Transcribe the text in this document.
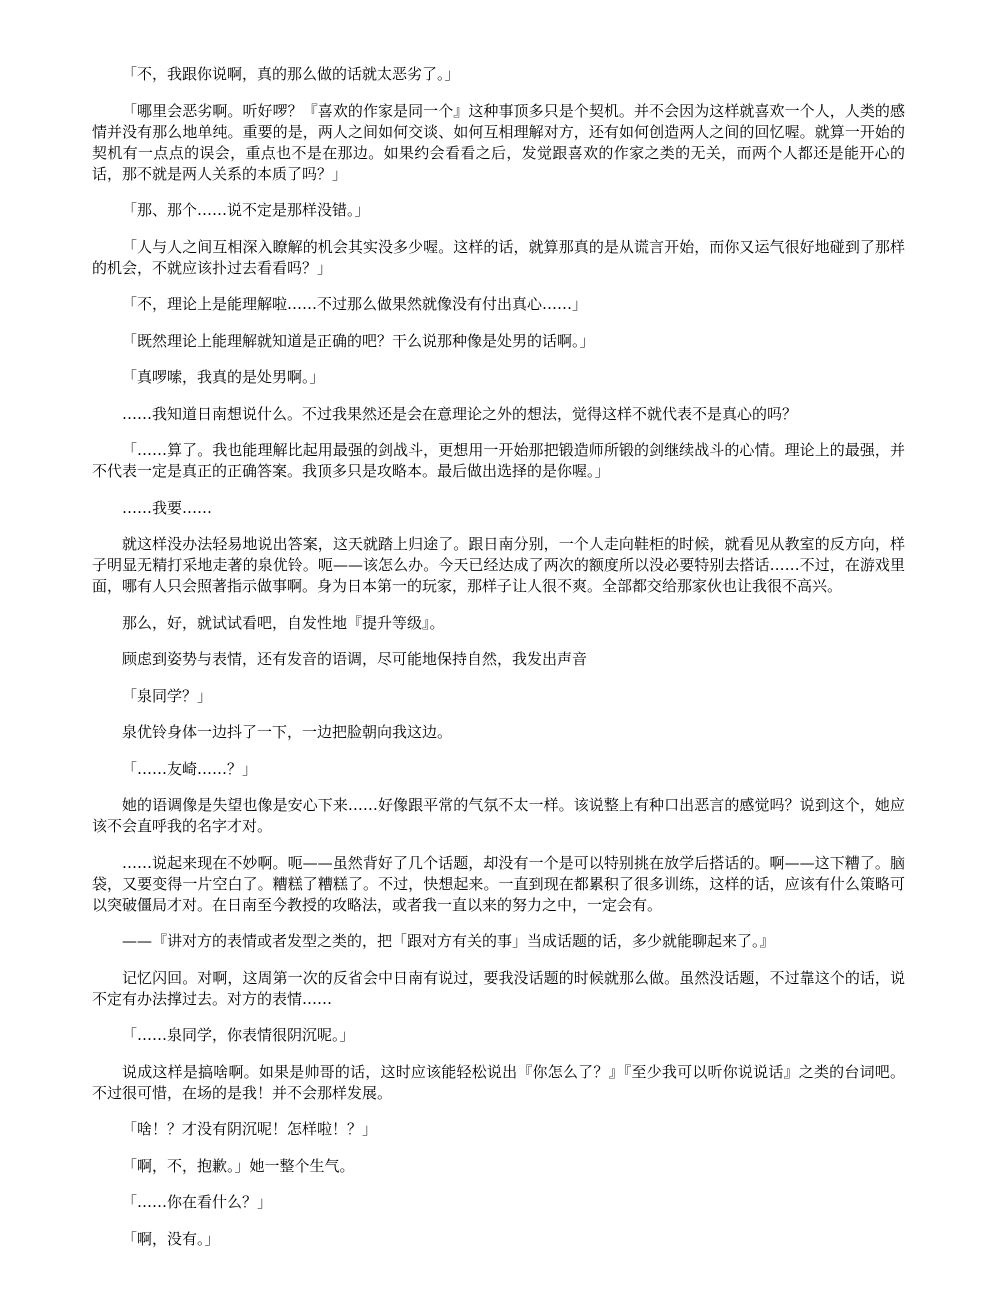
「不，我跟你说啊，真的那么做的话就太恶劣了。」

「哪里会恶劣啊。听好啰？『喜欢的作家是同一个』这种事顶多只是个契机。并不会因为这样就喜欢一个人，人类的感情并没有那么地单纯。重要的是，两人之间如何交谈、如何互相理解对方，还有如何创造两人之间的回忆喔。就算一开始的契机有一点点的误会，重点也不是在那边。如果约会看看之后，发觉跟喜欢的作家之类的无关，而两个人都还是能开心的话，那不就是两人关系的本质了吗？」

「那、那个……说不定是那样没错。」

「人与人之间互相深入瞭解的机会其实没多少喔。这样的话，就算那真的是从谎言开始，而你又运气很好地碰到了那样的机会，不就应该扑过去看看吗？」

「不，理论上是能理解啦……不过那么做果然就像没有付出真心……」

「既然理论上能理解就知道是正确的吧？干么说那种像是处男的话啊。」

「真啰嗦，我真的是处男啊。」

……我知道日南想说什么。不过我果然还是会在意理论之外的想法，觉得这样不就代表不是真心的吗？

「……算了。我也能理解比起用最强的剑战斗，更想用一开始那把锻造师所锻的剑继续战斗的心情。理论上的最强，并不代表一定是真正的正确答案。我顶多只是攻略本。最后做出选择的是你喔。」

……我要……

就这样没办法轻易地说出答案，这天就踏上归途了。跟日南分别，一个人走向鞋柜的时候，就看见从教室的反方向，样子明显无精打采地走著的泉优铃。呃——该怎么办。今天已经达成了两次的额度所以没必要特别去搭话……不过，在游戏里面，哪有人只会照著指示做事啊。身为日本第一的玩家，那样子让人很不爽。全部都交给那家伙也让我很不高兴。

那么，好，就试试看吧，自发性地『提升等级』。

顾虑到姿势与表情，还有发音的语调，尽可能地保持自然，我发出声音

「泉同学？」

泉优铃身体一边抖了一下，一边把脸朝向我这边。

「……友崎……？」

她的语调像是失望也像是安心下来……好像跟平常的气氛不太一样。该说整上有种口出恶言的感觉吗？说到这个，她应该不会直呼我的名字才对。

……说起来现在不妙啊。呃——虽然背好了几个话题，却没有一个是可以特别挑在放学后搭话的。啊——这下糟了。脑袋，又要变得一片空白了。糟糕了糟糕了。不过，快想起来。一直到现在都累积了很多训练，这样的话，应该有什么策略可以突破僵局才对。在日南至今教授的攻略法，或者我一直以来的努力之中，一定会有。

——『讲对方的表情或者发型之类的，把「跟对方有关的事」当成话题的话，多少就能聊起来了。』

记忆闪回。对啊，这周第一次的反省会中日南有说过，要我没话题的时候就那么做。虽然没话题，不过靠这个的话，说不定有办法撑过去。对方的表情……

「……泉同学，你表情很阴沉呢。」

说成这样是搞啥啊。如果是帅哥的话，这时应该能轻松说出『你怎么了？』『至少我可以听你说说话』之类的台词吧。不过很可惜，在场的是我！并不会那样发展。

「啥！？才没有阴沉呢！怎样啦！？」

「啊，不，抱歉。」她一整个生气。

「……你在看什么？」

「啊，没有。」
